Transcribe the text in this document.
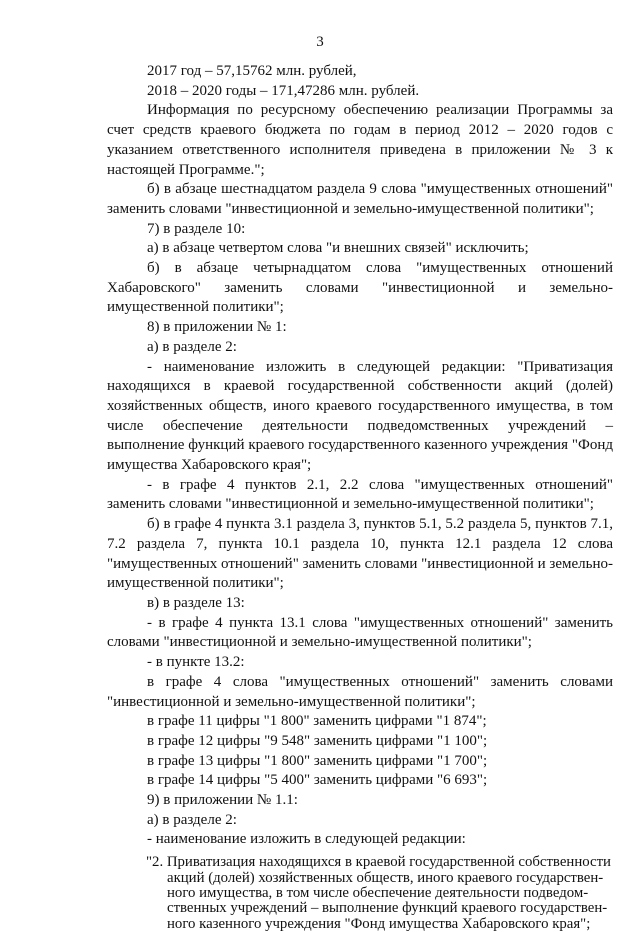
3

2017 год – 57,15762 млн. рублей,

2018 – 2020 годы – 171,47286 млн. рублей.

Информация по ресурсному обеспечению реализации Программы за счет средств краевого бюджета по годам в период 2012 – 2020 годов с указанием ответственного исполнителя приведена в приложении № 3 к настоящей Программе.";

б) в абзаце шестнадцатом раздела 9 слова "имущественных отношений" заменить словами "инвестиционной и земельно-имущественной политики";

7) в разделе 10:

а) в абзаце четвертом слова "и внешних связей" исключить;

б) в абзаце четырнадцатом слова "имущественных отношений Хабаровского" заменить словами "инвестиционной и земельно-имущественной политики";

8) в приложении № 1:

а) в разделе 2:

- наименование изложить в следующей редакции: "Приватизация находящихся в краевой государственной собственности акций (долей) хозяйственных обществ, иного краевого государственного имущества, в том числе обеспечение деятельности подведомственных учреждений – выполнение функций краевого государственного казенного учреждения "Фонд имущества Хабаровского края";

- в графе 4 пунктов 2.1, 2.2 слова "имущественных отношений" заменить словами "инвестиционной и земельно-имущественной политики";

б) в графе 4 пункта 3.1 раздела 3, пунктов 5.1, 5.2 раздела 5, пунктов 7.1, 7.2 раздела 7, пункта 10.1 раздела 10, пункта 12.1 раздела 12 слова "имущественных отношений" заменить словами "инвестиционной и земельно-имущественной политики";

в) в разделе 13:

- в графе 4 пункта 13.1 слова "имущественных отношений" заменить словами "инвестиционной и земельно-имущественной политики";

- в пункте 13.2:

в графе 4 слова "имущественных отношений" заменить словами "инвестиционной и земельно-имущественной политики";

в графе 11 цифры "1 800" заменить цифрами "1 874";

в графе 12 цифры "9 548" заменить цифрами "1 100";

в графе 13 цифры "1 800" заменить цифрами "1 700";

в графе 14 цифры "5 400" заменить цифрами "6 693";

9) в приложении № 1.1:

а) в разделе 2:

- наименование изложить в следующей редакции:

"2. Приватизация находящихся в краевой государственной собственности
акций (долей) хозяйственных обществ, иного краевого государствен-
ного имущества, в том числе обеспечение деятельности подведом-
ственных учреждений – выполнение функций краевого государствен-
ного казенного учреждения "Фонд имущества Хабаровского края";
